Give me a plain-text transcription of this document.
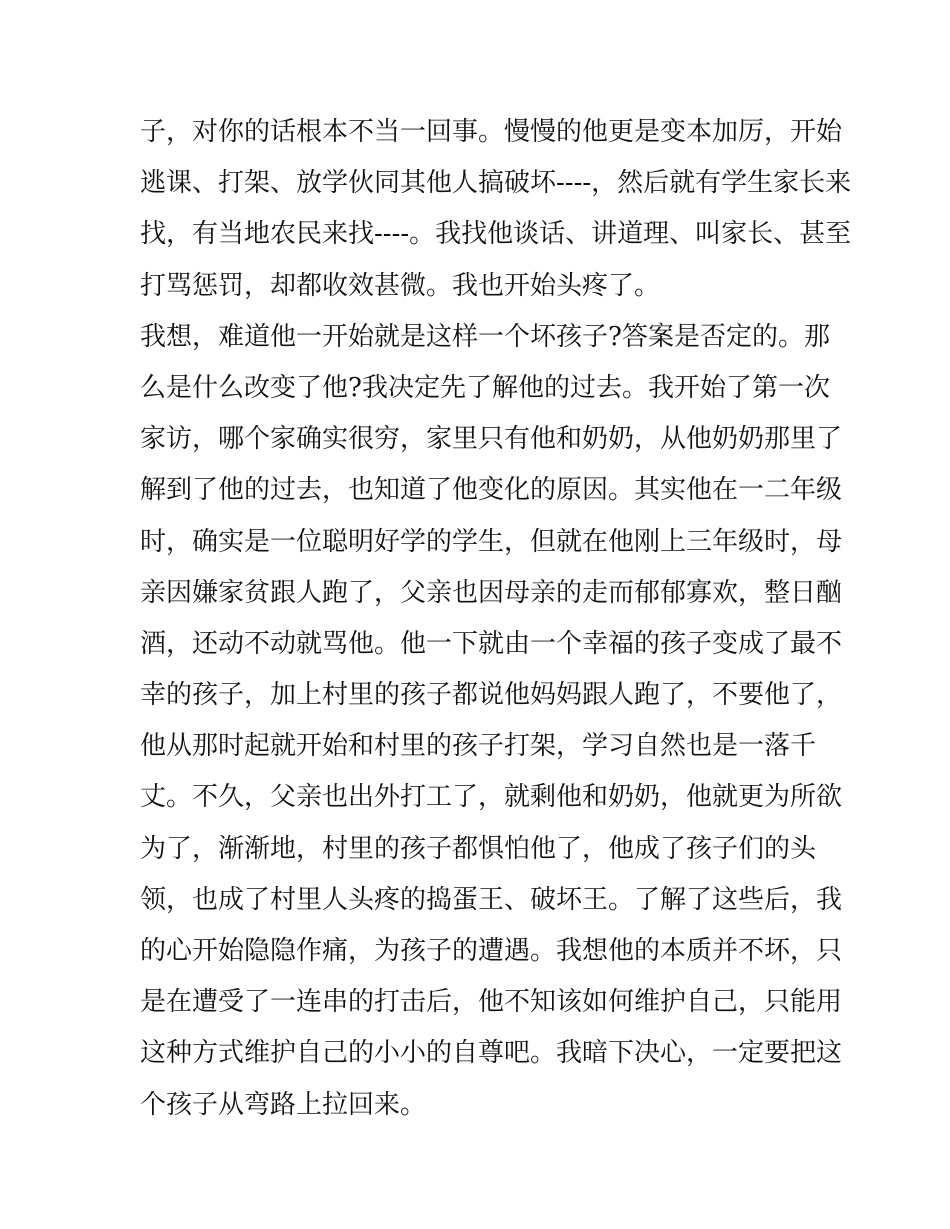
子，对你的话根本不当一回事。慢慢的他更是变本加厉，开始
逃课、打架、放学伙同其他人搞破坏----，然后就有学生家长来
找，有当地农民来找----。我找他谈话、讲道理、叫家长、甚至
打骂惩罚，却都收效甚微。我也开始头疼了。
我想，难道他一开始就是这样一个坏孩子?答案是否定的。那
么是什么改变了他?我决定先了解他的过去。我开始了第一次
家访，哪个家确实很穷，家里只有他和奶奶，从他奶奶那里了
解到了他的过去，也知道了他变化的原因。其实他在一二年级
时，确实是一位聪明好学的学生，但就在他刚上三年级时，母
亲因嫌家贫跟人跑了，父亲也因母亲的走而郁郁寡欢，整日酗
酒，还动不动就骂他。他一下就由一个幸福的孩子变成了最不
幸的孩子，加上村里的孩子都说他妈妈跟人跑了，不要他了，
他从那时起就开始和村里的孩子打架，学习自然也是一落千
丈。不久，父亲也出外打工了，就剩他和奶奶，他就更为所欲
为了，渐渐地，村里的孩子都惧怕他了，他成了孩子们的头
领，也成了村里人头疼的捣蛋王、破坏王。了解了这些后，我
的心开始隐隐作痛，为孩子的遭遇。我想他的本质并不坏，只
是在遭受了一连串的打击后，他不知该如何维护自己，只能用
这种方式维护自己的小小的自尊吧。我暗下决心，一定要把这
个孩子从弯路上拉回来。
